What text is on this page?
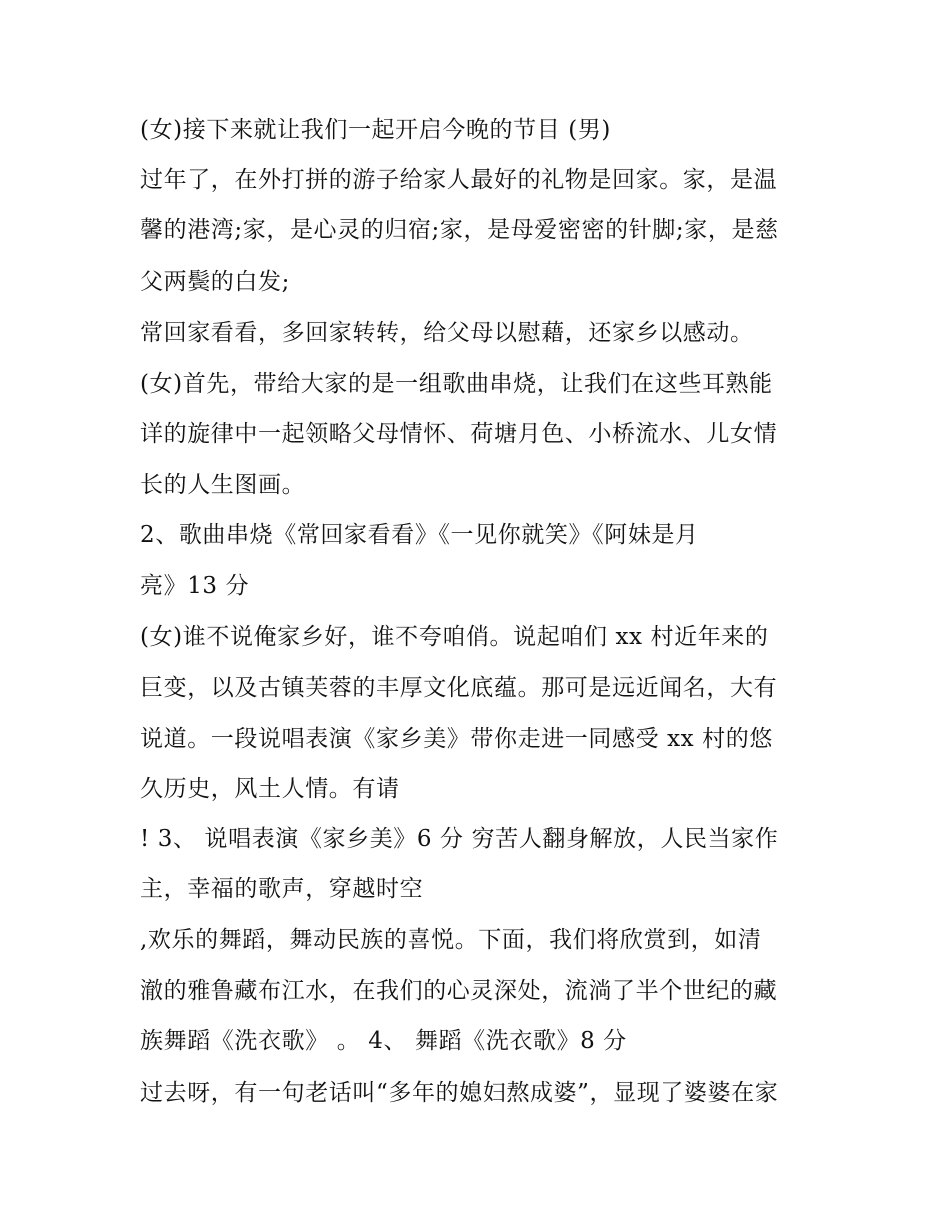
(女)接下来就让我们一起开启今晚的节目 (男)
过年了，在外打拼的游子给家人最好的礼物是回家。家，是温
馨的港湾;家，是心灵的归宿;家，是母爱密密的针脚;家，是慈
父两鬓的白发;
常回家看看，多回家转转，给父母以慰藉，还家乡以感动。
(女)首先，带给大家的是一组歌曲串烧，让我们在这些耳熟能
详的旋律中一起领略父母情怀、荷塘月色、小桥流水、儿女情
长的人生图画。
2、歌曲串烧《常回家看看》《一见你就笑》《阿妹是月
亮》13 分
(女)谁不说俺家乡好，谁不夸咱俏。说起咱们 xx 村近年来的
巨变，以及古镇芙蓉的丰厚文化底蕴。那可是远近闻名，大有
说道。一段说唱表演《家乡美》带你走进一同感受 xx 村的悠
久历史，风土人情。有请
! 3、 说唱表演《家乡美》6 分 穷苦人翻身解放，人民当家作
主，幸福的歌声，穿越时空
,欢乐的舞蹈，舞动民族的喜悦。下面，我们将欣赏到，如清
澈的雅鲁藏布江水，在我们的心灵深处，流淌了半个世纪的藏
族舞蹈《洗衣歌》 。 4、 舞蹈《洗衣歌》8 分
过去呀，有一句老话叫“多年的媳妇熬成婆”，显现了婆婆在家
